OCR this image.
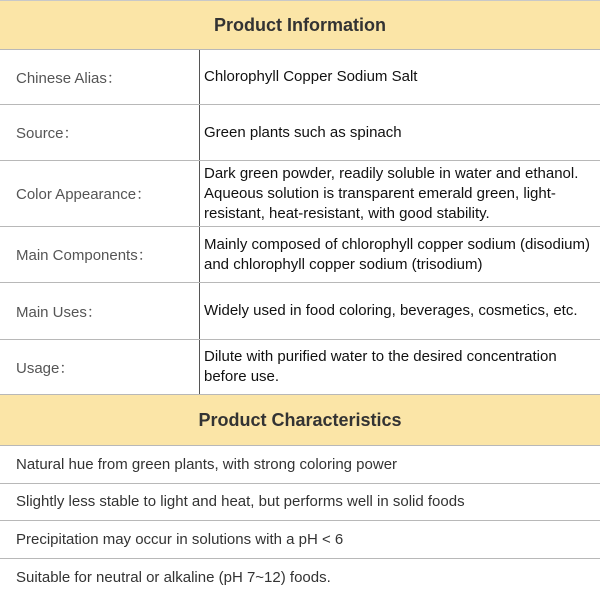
Product Information
Chinese Alias：	Chlorophyll Copper Sodium Salt
Source：	Green plants such as spinach
Color Appearance：
Dark green powder, readily soluble in water and ethanol. Aqueous solution is transparent emerald green, light-resistant, heat-resistant, with good stability.
Main Components：
Mainly composed of chlorophyll copper sodium (disodium) and chlorophyll copper sodium (trisodium)
Main Uses：	Widely used in food coloring, beverages, cosmetics, etc.
Usage：
Dilute with purified water to the desired concentration before use.
Product Characteristics
Natural hue from green plants, with strong coloring power
Slightly less stable to light and heat, but performs well in solid foods
Precipitation may occur in solutions with a pH < 6
Suitable for neutral or alkaline (pH 7~12) foods.
